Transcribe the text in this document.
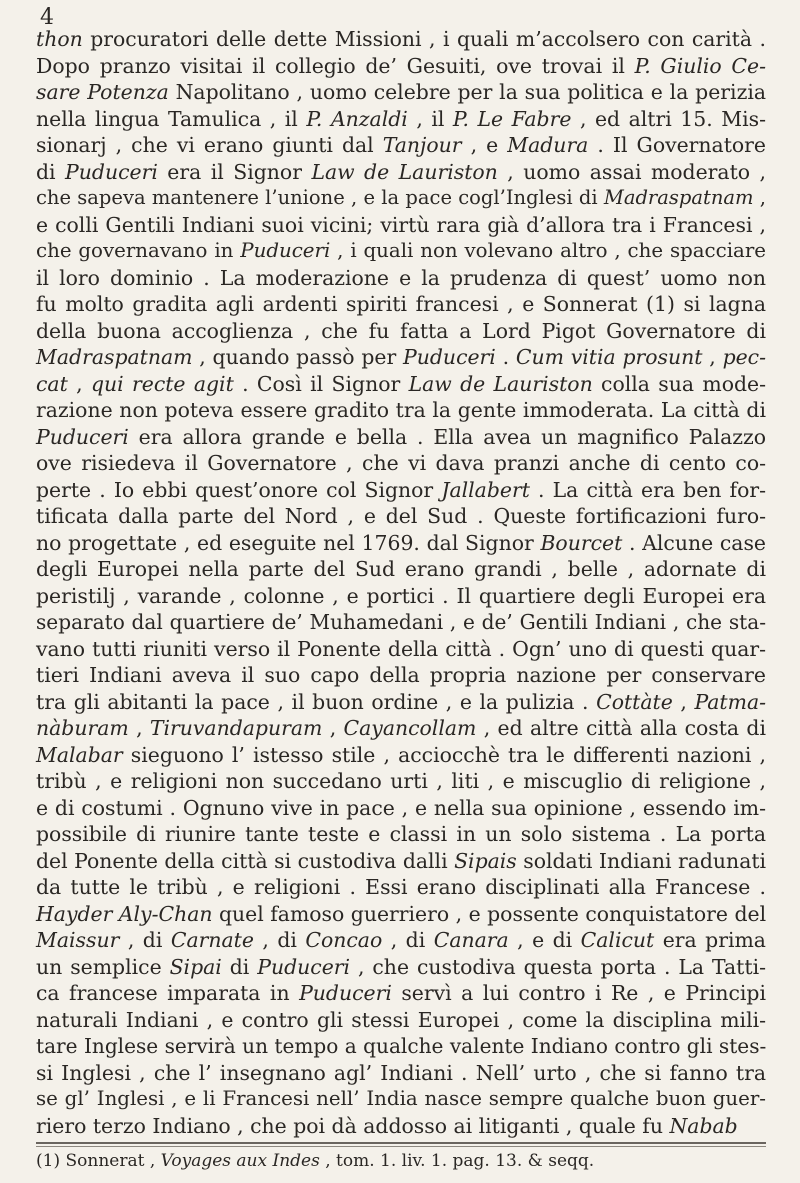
4
thon procuratori delle dette Missioni , i quali m’accolsero con carità .
Dopo pranzo visitai il collegio de’ Gesuiti, ove trovai il P. Giulio Ce-
sare Potenza Napolitano , uomo celebre per la sua politica e la perizia
nella lingua Tamulica , il P. Anzaldi , il P. Le Fabre , ed altri 15. Mis-
sionarj , che vi erano giunti dal Tanjour , e Madura . Il Governatore
di Puduceri era il Signor Law de Lauriston , uomo assai moderato ,
che sapeva mantenere l’unione , e la pace cogl’Inglesi di Madraspatnam ,
e colli Gentili Indiani suoi vicini; virtù rara già d’allora tra i Francesi ,
che governavano in Puduceri , i quali non volevano altro , che spacciare
il loro dominio . La moderazione e la prudenza di quest’ uomo non
fu molto gradita agli ardenti spiriti francesi , e Sonnerat (1) si lagna
della buona accoglienza , che fu fatta a Lord Pigot Governatore di
Madraspatnam , quando passò per Puduceri . Cum vitia prosunt , pec-
cat , qui recte agit . Così il Signor Law de Lauriston colla sua mode-
razione non poteva essere gradito tra la gente immoderata. La città di
Puduceri era allora grande e bella . Ella avea un magnifico Palazzo
ove risiedeva il Governatore , che vi dava pranzi anche di cento co-
perte . Io ebbi quest’onore col Signor Jallabert . La città era ben for-
tificata dalla parte del Nord , e del Sud . Queste fortificazioni furo-
no progettate , ed eseguite nel 1769. dal Signor Bourcet . Alcune case
degli Europei nella parte del Sud erano grandi , belle , adornate di
peristilj , varande , colonne , e portici . Il quartiere degli Europei era
separato dal quartiere de’ Muhamedani , e de’ Gentili Indiani , che sta-
vano tutti riuniti verso il Ponente della città . Ogn’ uno di questi quar-
tieri Indiani aveva il suo capo della propria nazione per conservare
tra gli abitanti la pace , il buon ordine , e la pulizia . Cottàte , Patma-
nàburam , Tiruvandapuram , Cayancollam , ed altre città alla costa di
Malabar sieguono l’ istesso stile , acciocchè tra le differenti nazioni ,
tribù , e religioni non succedano urti , liti , e miscuglio di religione ,
e di costumi . Ognuno vive in pace , e nella sua opinione , essendo im-
possibile di riunire tante teste e classi in un solo sistema . La porta
del Ponente della città si custodiva dalli Sipais soldati Indiani radunati
da tutte le tribù , e religioni . Essi erano disciplinati alla Francese .
Hayder Aly-Chan quel famoso guerriero , e possente conquistatore del
Maissur , di Carnate , di Concao , di Canara , e di Calicut era prima
un semplice Sipai di Puduceri , che custodiva questa porta . La Tatti-
ca francese imparata in Puduceri servì a lui contro i Re , e Principi
naturali Indiani , e contro gli stessi Europei , come la disciplina mili-
tare Inglese servirà un tempo a qualche valente Indiano contro gli stes-
si Inglesi , che l’ insegnano agl’ Indiani . Nell’ urto , che si fanno tra
se gl’ Inglesi , e li Francesi nell’ India nasce sempre qualche buon guer-
riero terzo Indiano , che poi dà addosso ai litiganti , quale fu Nabab
(1) Sonnerat , Voyages aux Indes , tom. 1. liv. 1. pag. 13. & seqq.
